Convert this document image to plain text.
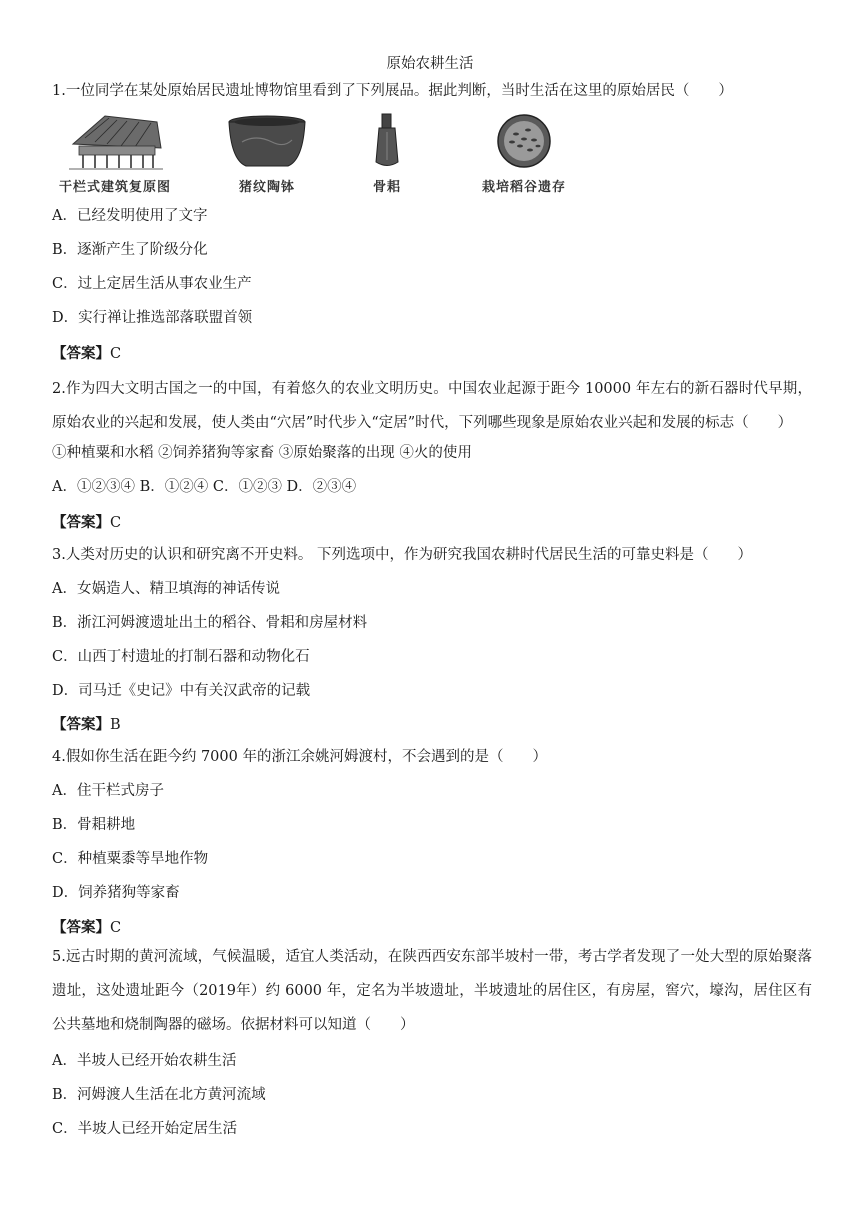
原始农耕生活
1.一位同学在某处原始居民遗址博物馆里看到了下列展品。据此判断，当时生活在这里的原始居民（　　）
干栏式建筑复原图	猪纹陶钵	骨耜	栽培稻谷遗存
A．已经发明使用了文字
B．逐渐产生了阶级分化
C．过上定居生活从事农业生产
D．实行禅让推选部落联盟首领
【答案】C
2.作为四大文明古国之一的中国，有着悠久的农业文明历史。中国农业起源于距今 10000 年左右的新石器时代早期，原始农业的兴起和发展，使人类由“穴居”时代步入“定居”时代，下列哪些现象是原始农业兴起和发展的标志（　　）
①种植粟和水稻 ②饲养猪狗等家畜 ③原始聚落的出现 ④火的使用
A．①②③④ B．①②④ C．①②③ D．②③④
【答案】C
3.人类对历史的认识和研究离不开史料。 下列选项中，作为研究我国农耕时代居民生活的可靠史料是（　　）
A．女娲造人、精卫填海的神话传说
B．浙江河姆渡遗址出土的稻谷、骨耜和房屋材料
C．山西丁村遗址的打制石器和动物化石
D．司马迁《史记》中有关汉武帝的记载
【答案】B
4.假如你生活在距今约 7000 年的浙江余姚河姆渡村，不会遇到的是（　　）
A．住干栏式房子
B．骨耜耕地
C．种植粟黍等旱地作物
D．饲养猪狗等家畜
【答案】C
5.远古时期的黄河流域，气候温暖，适宜人类活动，在陕西西安东部半坡村一带，考古学者发现了一处大型的原始聚落遗址，这处遗址距今（2019年）约 6000 年，定名为半坡遗址，半坡遗址的居住区，有房屋，窖穴，壕沟，居住区有公共墓地和烧制陶器的磁场。依据材料可以知道（　　）
A．半坡人已经开始农耕生活
B．河姆渡人生活在北方黄河流域
C．半坡人已经开始定居生活
